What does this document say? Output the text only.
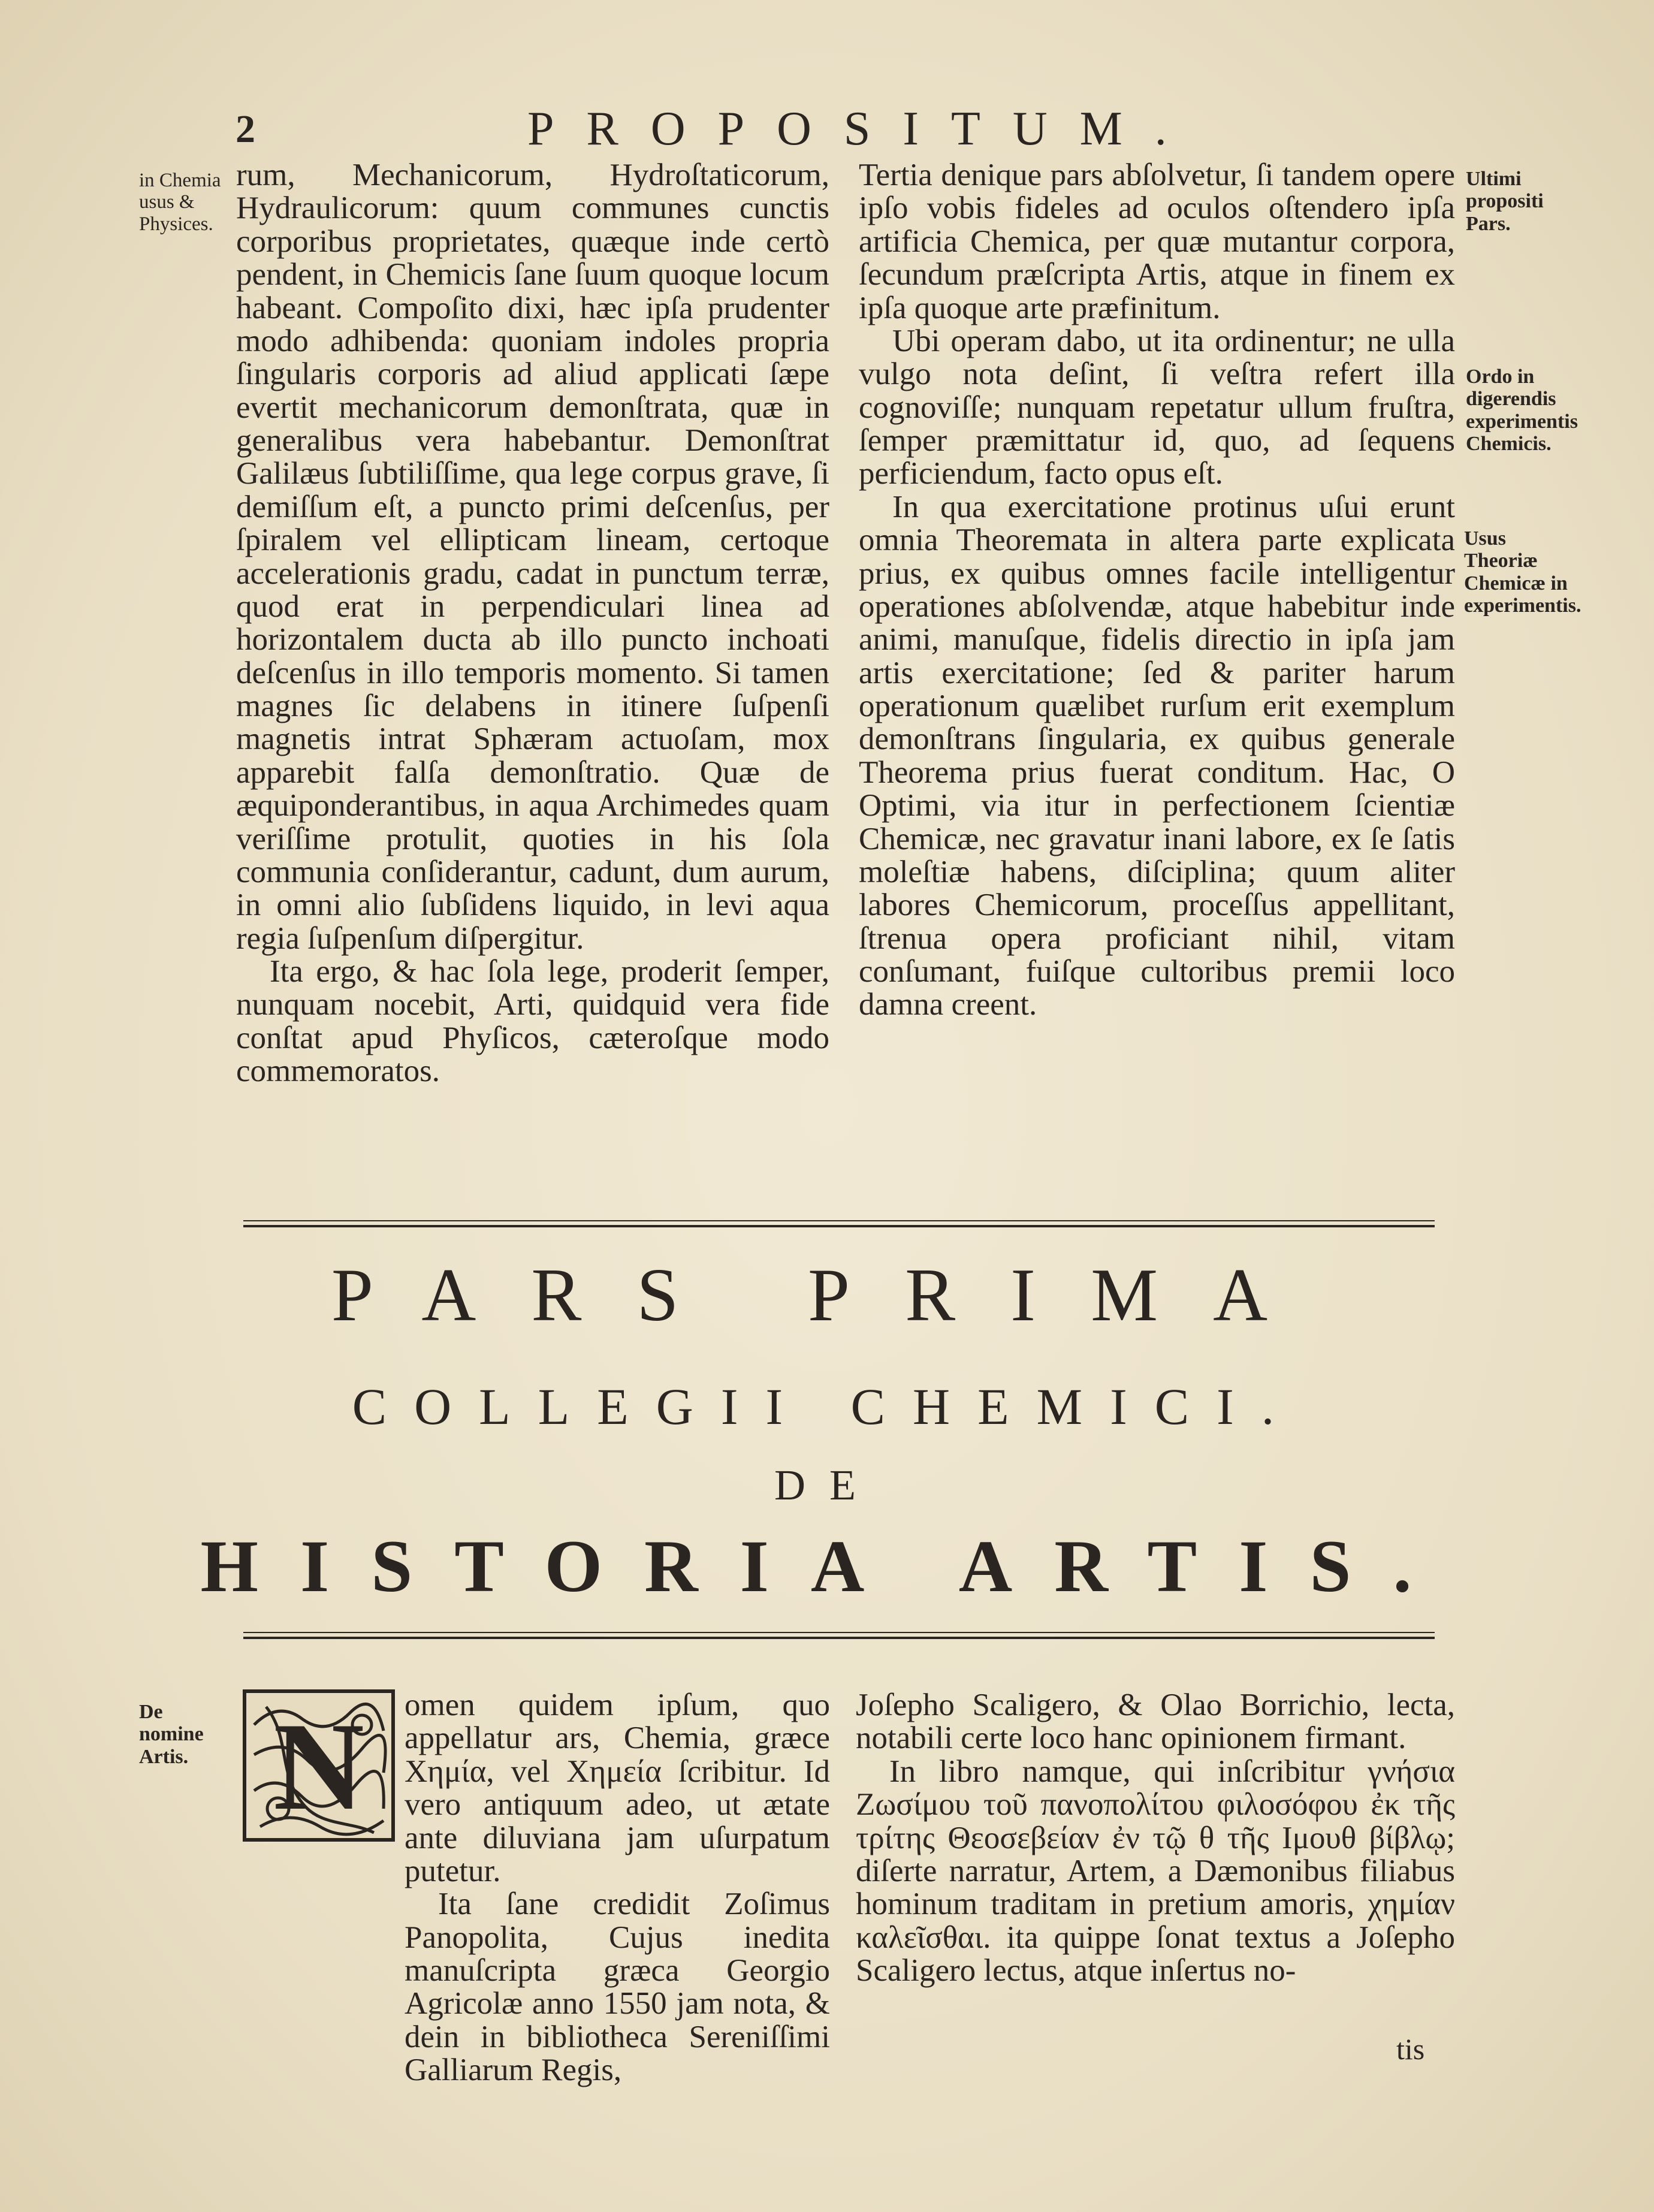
2	PROPOSITUM.
in Chemia usus & Physices.

rum, Mechanicorum, Hydroſtaticorum, Hydraulicorum: quum communes cunctis corporibus proprietates, quæque inde certò pendent, in Chemicis ſane ſuum quoque locum habeant. Compoſito dixi, hæc ipſa prudenter modo adhibenda: quoniam indoles propria ſingularis corporis ad aliud applicati ſæpe evertit mechanicorum demonſtrata, quæ in generalibus vera habebantur. Demonſtrat Galilæus ſubtiliſſime, qua lege corpus grave, ſi demiſſum eſt, a puncto primi deſcenſus, per ſpiralem vel ellipticam lineam, certoque accelerationis gradu, cadat in punctum terræ, quod erat in perpendiculari linea ad horizontalem ducta ab illo puncto inchoati deſcenſus in illo temporis momento. Si tamen magnes ſic delabens in itinere ſuſpenſi magnetis intrat Sphæram actuoſam, mox apparebit falſa demonſtratio. Quæ de æquiponderantibus, in aqua Archimedes quam veriſſime protulit, quoties in his ſola communia conſiderantur, cadunt, dum aurum, in omni alio ſubſidens liquido, in levi aqua regia ſuſpenſum diſpergitur.

Ita ergo, & hac ſola lege, proderit ſemper, nunquam nocebit, Arti, quidquid vera fide conſtat apud Phyſicos, cæteroſque modo commemoratos.

Tertia denique pars abſolvetur, ſi tandem opere ipſo vobis fideles ad oculos oſtendero ipſa artificia Chemica, per quæ mutantur corpora, ſecundum præſcripta Artis, atque in finem ex ipſa quoque arte præfinitum.

Ubi operam dabo, ut ita ordinentur; ne ulla vulgo nota deſint, ſi veſtra refert illa cognoviſſe; nunquam repetatur ullum fruſtra, ſemper præmittatur id, quo, ad ſequens perficiendum, facto opus eſt.

In qua exercitatione protinus uſui erunt omnia Theoremata in altera parte explicata prius, ex quibus omnes facile intelligentur operationes abſolvendæ, atque habebitur inde animi, manuſque, fidelis directio in ipſa jam artis exercitatione; ſed & pariter harum operationum quælibet rurſum erit exemplum demonſtrans ſingularia, ex quibus generale Theorema prius fuerat conditum. Hac, O Optimi, via itur in perfectionem ſcientiæ Chemicæ, nec gravatur inani labore, ex ſe ſatis moleſtiæ habens, diſciplina; quum aliter labores Chemicorum, proceſſus appellitant, ſtrenua opera proficiant nihil, vitam conſumant, fuiſque cultoribus premii loco damna creent.

Ultimi propositi Pars.
Ordo in digerendis experimentis Chemicis.
Usus Theoriæ Chemicæ in experimentis.
PARS PRIMA
COLLEGII CHEMICI.
DE
HISTORIA ARTIS.
De nomine Artis. N omen quidem ipſum, quo appellatur ars, Chemia, græce Χημία, vel Χημεία ſcribitur. Id vero antiquum adeo, ut ætate ante diluviana jam uſurpatum putetur.

Ita ſane credidit Zoſimus Panopolita, Cujus inedita manuſcripta græca Georgio Agricolæ anno 1550 jam nota, & dein in bibliotheca Sereniſſimi Galliarum Regis,

Joſepho Scaligero, & Olao Borrichio, lecta, notabili certe loco hanc opinionem firmant.

In libro namque, qui inſcribitur γνήσια Ζωσίμου τοῦ πανοπολίτου φιλοσόφου ἐκ τῆς τρίτης Θεοσεβείαν ἐν τῷ θ τῆς Ιμουθ βίβλῳ; diſerte narratur, Artem, a Dæmonibus filiabus hominum traditam in pretium amoris, χημίαν καλεῖσθαι. ita quippe ſonat textus a Joſepho Scaligero lectus, atque inſertus no-

tis
